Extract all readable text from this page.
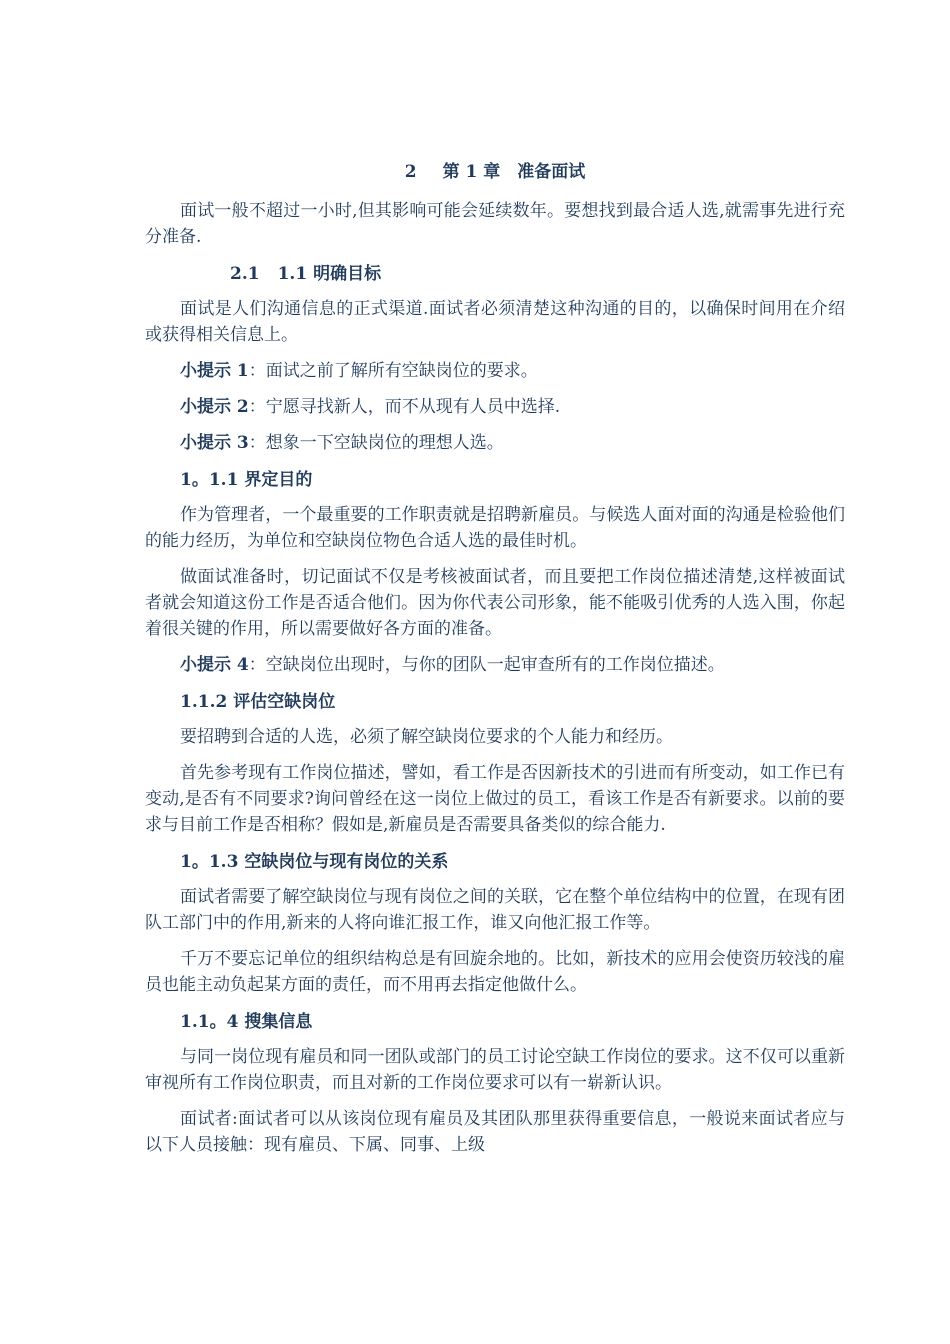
2 第 1 章　准备面试

面试一般不超过一小时,但其影响可能会延续数年。要想找到最合适人选,就需事先进行充分准备.

2.1 1.1 明确目标

面试是人们沟通信息的正式渠道.面试者必须清楚这种沟通的目的，以确保时间用在介绍或获得相关信息上。

小提示 1：面试之前了解所有空缺岗位的要求。

小提示 2：宁愿寻找新人，而不从现有人员中选择.

小提示 3：想象一下空缺岗位的理想人选。

1。1.1 界定目的

作为管理者，一个最重要的工作职责就是招聘新雇员。与候选人面对面的沟通是检验他们的能力经历，为单位和空缺岗位物色合适人选的最佳时机。

做面试准备时，切记面试不仅是考核被面试者，而且要把工作岗位描述清楚,这样被面试者就会知道这份工作是否适合他们。因为你代表公司形象，能不能吸引优秀的人选入围，你起着很关键的作用，所以需要做好各方面的准备。

小提示 4：空缺岗位出现时，与你的团队一起审查所有的工作岗位描述。

1.1.2 评估空缺岗位

要招聘到合适的人选，必须了解空缺岗位要求的个人能力和经历。

首先参考现有工作岗位描述，譬如，看工作是否因新技术的引进而有所变动，如工作已有变动,是否有不同要求?询问曾经在这一岗位上做过的员工，看该工作是否有新要求。以前的要求与目前工作是否相称？假如是,新雇员是否需要具备类似的综合能力.

1。1.3 空缺岗位与现有岗位的关系

面试者需要了解空缺岗位与现有岗位之间的关联，它在整个单位结构中的位置，在现有团队工部门中的作用,新来的人将向谁汇报工作，谁又向他汇报工作等。

千万不要忘记单位的组织结构总是有回旋余地的。比如，新技术的应用会使资历较浅的雇员也能主动负起某方面的责任，而不用再去指定他做什么。

1.1。4 搜集信息

与同一岗位现有雇员和同一团队或部门的员工讨论空缺工作岗位的要求。这不仅可以重新审视所有工作岗位职责，而且对新的工作岗位要求可以有一崭新认识。

面试者:面试者可以从该岗位现有雇员及其团队那里获得重要信息，一般说来面试者应与以下人员接触：现有雇员、下属、同事、上级
